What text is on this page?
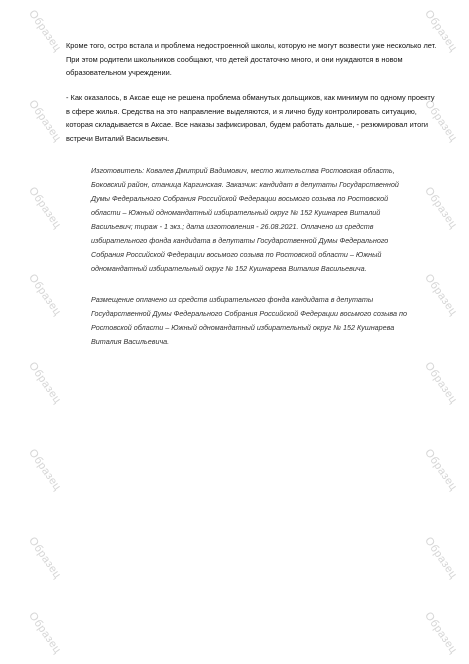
Образец
Образец
Образец
Образец
Образец
Образец
Образец
Образец
Образец
Образец
Образец
Образец
Образец
Образец
Образец
Образец

Кроме того, остро встала и проблема недостроенной школы, которую не могут возвести уже несколько лет. При этом родители школьников сообщают, что детей достаточно много, и они нуждаются в новом образовательном учреждении.

- Как оказалось, в Аксае еще не решена проблема обманутых дольщиков, как минимум по одному проекту в сфере жилья. Средства на это направление выделяются, и я лично буду контролировать ситуацию, которая складывается в Аксае. Все наказы зафиксировал, будем работать дальше, - резюмировал итоги встречи Виталий Васильевич.

Изготовитель: Ковалев Дмитрий Вадимович, место жительства Ростовская область, Боковский район, станица Каргинская. Заказчик: кандидат в депутаты Государственной Думы Федерального Собрания Российской Федерации восьмого созыва по Ростовской области – Южный одномандатный избирательный округ № 152 Кушнарев Виталий Васильевич; тираж - 1 экз.; дата изготовления - 26.08.2021. Оплачено из средств избирательного фонда кандидата в депутаты Государственной Думы Федерального Собрания Российской Федерации восьмого созыва по Ростовской области – Южный одномандатный избирательный округ № 152 Кушнарева Виталия Васильевича.

Размещение оплачено из средств избирательного фонда кандидата в депутаты Государственной Думы Федерального Собрания Российской Федерации восьмого созыва по Ростовской области – Южный одномандатный избирательный округ № 152 Кушнарева Виталия Васильевича.
